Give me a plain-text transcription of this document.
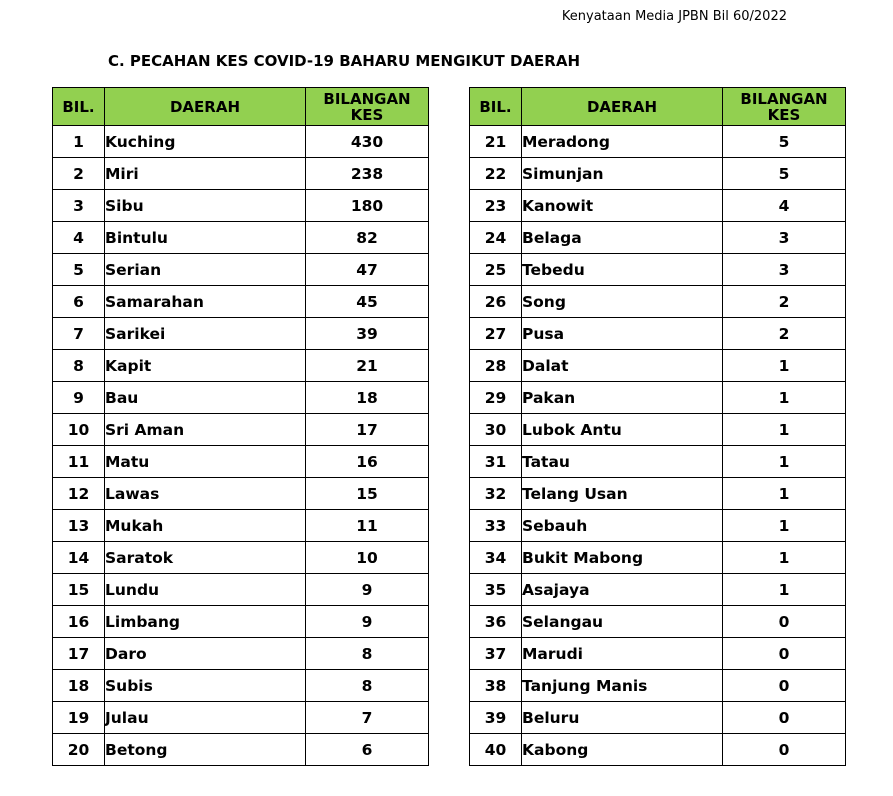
Kenyataan Media JPBN Bil 60/2022
C. PECAHAN KES COVID-19 BAHARU MENGIKUT DAERAH
BIL.	DAERAH	BILANGAN
KES
1	Kuching	430
2	Miri	238
3	Sibu	180
4	Bintulu	82
5	Serian	47
6	Samarahan	45
7	Sarikei	39
8	Kapit	21
9	Bau	18
10	Sri Aman	17
11	Matu	16
12	Lawas	15
13	Mukah	11
14	Saratok	10
15	Lundu	9
16	Limbang	9
17	Daro	8
18	Subis	8
19	Julau	7
20	Betong	6
BIL.	DAERAH	BILANGAN
KES
21	Meradong	5
22	Simunjan	5
23	Kanowit	4
24	Belaga	3
25	Tebedu	3
26	Song	2
27	Pusa	2
28	Dalat	1
29	Pakan	1
30	Lubok Antu	1
31	Tatau	1
32	Telang Usan	1
33	Sebauh	1
34	Bukit Mabong	1
35	Asajaya	1
36	Selangau	0
37	Marudi	0
38	Tanjung Manis	0
39	Beluru	0
40	Kabong	0
